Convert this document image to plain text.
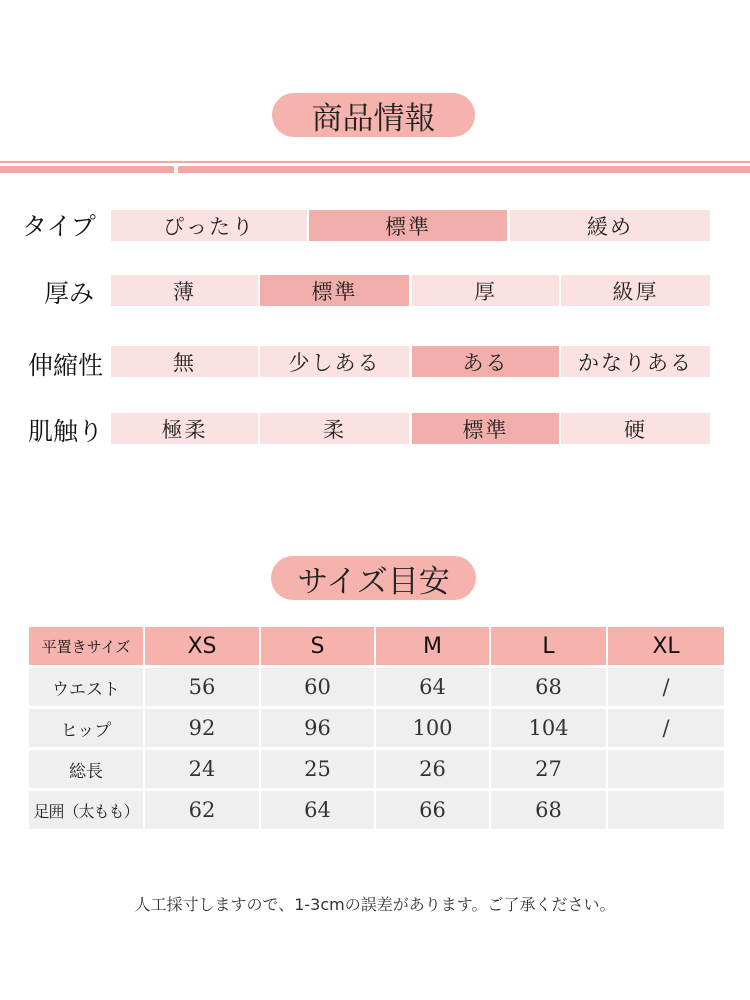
商品情報
タイプ	ぴったり	標準	緩め
厚み	薄	標準	厚	級厚
伸縮性	無	少しある	ある	かなりある
肌触り	極柔	柔	標準	硬
サイズ目安
平置きサイズ	XS	S	M	L	XL
ウエスト	56	60	64	68	/
ヒップ	92	96	100	104	/
総長	24	25	26	27
足囲（太もも）	62	64	66	68
人工採寸しますので、1-3cmの誤差があります。ご了承ください。
